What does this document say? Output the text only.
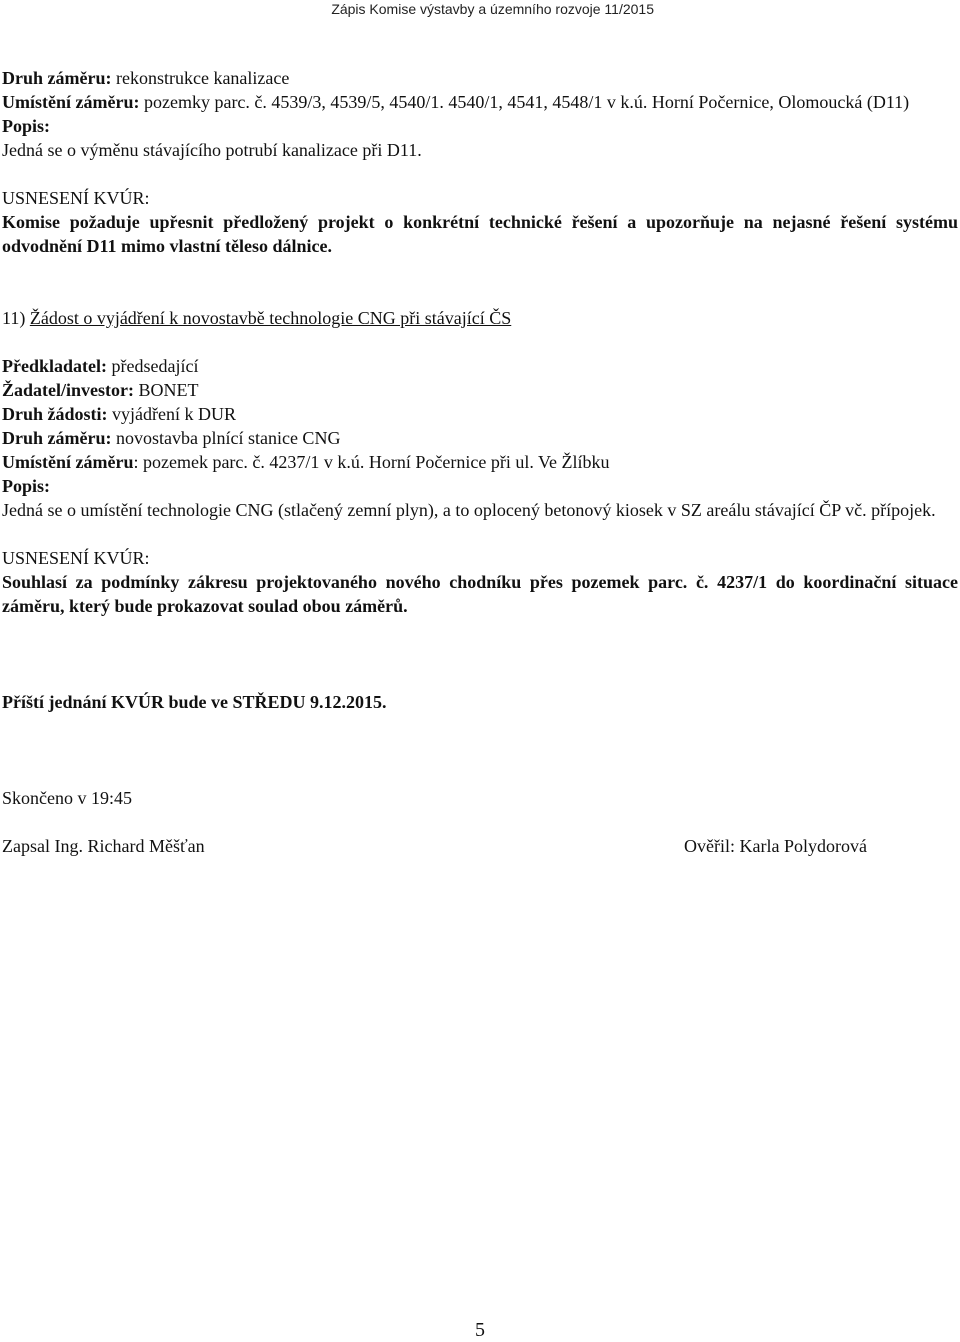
Zápis Komise výstavby a územního rozvoje 11/2015

Druh záměru: rekonstrukce kanalizace

Umístění záměru: pozemky parc. č. 4539/3, 4539/5, 4540/1. 4540/1, 4541, 4548/1 v k.ú. Horní Počernice, Olomoucká (D11)

Popis:

Jedná se o výměnu stávajícího potrubí kanalizace při D11.

USNESENÍ KVÚR:

Komise požaduje upřesnit předložený projekt o konkrétní technické řešení a upozorňuje na nejasné řešení systému odvodnění D11 mimo vlastní těleso dálnice.

11) Žádost o vyjádření k novostavbě technologie CNG při stávající ČS

Předkladatel: předsedající

Žadatel/investor: BONET

Druh žádosti: vyjádření k DUR

Druh záměru: novostavba plnící stanice CNG

Umístění záměru: pozemek parc. č. 4237/1 v k.ú. Horní Počernice při ul. Ve Žlíbku

Popis:

Jedná se o umístění technologie CNG (stlačený zemní plyn), a to oplocený betonový kiosek v SZ areálu stávající ČP vč. přípojek.

USNESENÍ KVÚR:

Souhlasí za podmínky zákresu projektovaného nového chodníku přes pozemek parc. č. 4237/1 do koordinační situace záměru, který bude prokazovat soulad obou záměrů.

Příští jednání KVÚR bude ve STŘEDU 9.12.2015.

Skončeno v 19:45

Zapsal Ing. Richard Měšťan	Ověřil: Karla Polydorová
5
